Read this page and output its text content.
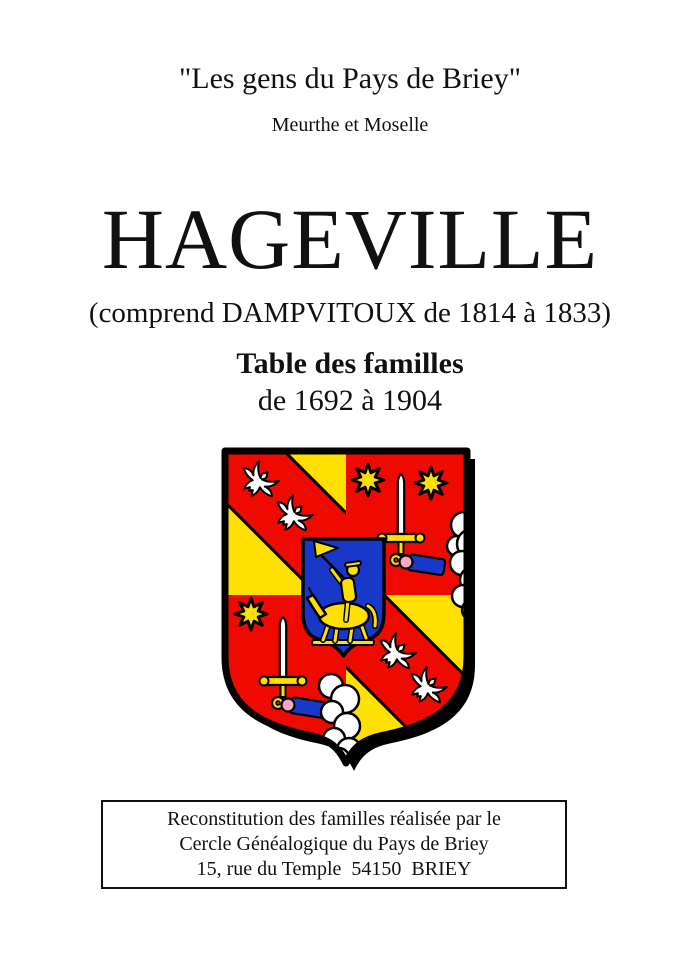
"Les gens du Pays de Briey"
Meurthe et Moselle
HAGEVILLE
(comprend DAMPVITOUX de 1814 à 1833)
Table des familles
de 1692 à 1904
Reconstitution des familles réalisée par le
Cercle Généalogique du Pays de Briey
15, rue du Temple  54150  BRIEY
